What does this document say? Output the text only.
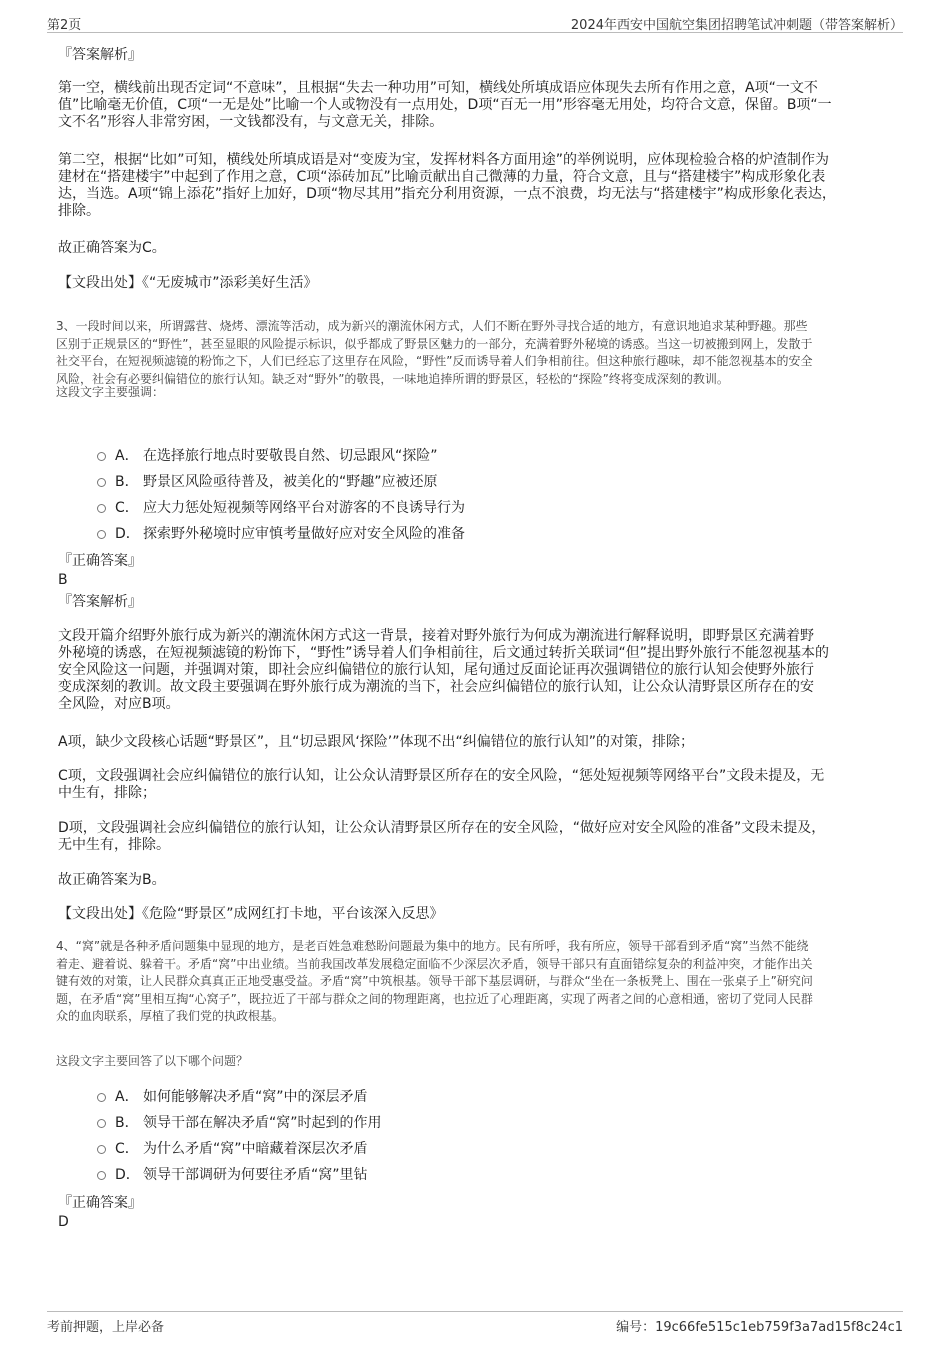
第2页	2024年西安中国航空集团招聘笔试冲刺题（带答案解析）
『答案解析』
第一空，横线前出现否定词“不意味”，且根据“失去一种功用”可知，横线处所填成语应体现失去所有作用之意，A项“一文不
值”比喻毫无价值，C项“一无是处”比喻一个人或物没有一点用处，D项“百无一用”形容毫无用处，均符合文意，保留。B项“一
文不名”形容人非常穷困，一文钱都没有，与文意无关，排除。
第二空，根据“比如”可知，横线处所填成语是对“变废为宝，发挥材料各方面用途”的举例说明，应体现检验合格的炉渣制作为
建材在“搭建楼宇”中起到了作用之意，C项“添砖加瓦”比喻贡献出自己微薄的力量，符合文意，且与“搭建楼宇”构成形象化表
达，当选。A项“锦上添花”指好上加好，D项“物尽其用”指充分利用资源，一点不浪费，均无法与“搭建楼宇”构成形象化表达，
排除。
故正确答案为C。
【文段出处】《“无废城市”添彩美好生活》
3、一段时间以来，所谓露营、烧烤、漂流等活动，成为新兴的潮流休闲方式，人们不断在野外寻找合适的地方，有意识地追求某种野趣。那些
区别于正规景区的“野性”，甚至显眼的风险提示标识，似乎都成了野景区魅力的一部分，充满着野外秘境的诱惑。当这一切被搬到网上，发散于
社交平台，在短视频滤镜的粉饰之下，人们已经忘了这里存在风险，“野性”反而诱导着人们争相前往。但这种旅行趣味，却不能忽视基本的安全
风险，社会有必要纠偏错位的旅行认知。缺乏对“野外”的敬畏，一味地追捧所谓的野景区，轻松的“探险”终将变成深刻的教训。
这段文字主要强调：
A． 在选择旅行地点时要敬畏自然、切忌跟风“探险”
B． 野景区风险亟待普及，被美化的“野趣”应被还原
C． 应大力惩处短视频等网络平台对游客的不良诱导行为
D． 探索野外秘境时应审慎考量做好应对安全风险的准备
『正确答案』
B
『答案解析』
文段开篇介绍野外旅行成为新兴的潮流休闲方式这一背景，接着对野外旅行为何成为潮流进行解释说明，即野景区充满着野
外秘境的诱惑，在短视频滤镜的粉饰下，“野性”诱导着人们争相前往，后文通过转折关联词“但”提出野外旅行不能忽视基本的
安全风险这一问题，并强调对策，即社会应纠偏错位的旅行认知，尾句通过反面论证再次强调错位的旅行认知会使野外旅行
变成深刻的教训。故文段主要强调在野外旅行成为潮流的当下，社会应纠偏错位的旅行认知，让公众认清野景区所存在的安
全风险，对应B项。
A项，缺少文段核心话题“野景区”，且“切忌跟风‘探险’”体现不出“纠偏错位的旅行认知”的对策，排除；
C项，文段强调社会应纠偏错位的旅行认知，让公众认清野景区所存在的安全风险，“惩处短视频等网络平台”文段未提及，无
中生有，排除；
D项，文段强调社会应纠偏错位的旅行认知，让公众认清野景区所存在的安全风险，“做好应对安全风险的准备”文段未提及，
无中生有，排除。
故正确答案为B。
【文段出处】《危险“野景区”成网红打卡地，平台该深入反思》
4、“窝”就是各种矛盾问题集中显现的地方，是老百姓急难愁盼问题最为集中的地方。民有所呼，我有所应，领导干部看到矛盾“窝”当然不能绕
着走、避着说、躲着干。矛盾“窝”中出业绩。当前我国改革发展稳定面临不少深层次矛盾，领导干部只有直面错综复杂的利益冲突，才能作出关
键有效的对策，让人民群众真真正正地受惠受益。矛盾“窝”中筑根基。领导干部下基层调研，与群众“坐在一条板凳上、围在一张桌子上”研究问
题，在矛盾“窝”里相互掏“心窝子”，既拉近了干部与群众之间的物理距离，也拉近了心理距离，实现了两者之间的心意相通，密切了党同人民群
众的血肉联系，厚植了我们党的执政根基。
这段文字主要回答了以下哪个问题？
A． 如何能够解决矛盾“窝”中的深层矛盾
B． 领导干部在解决矛盾“窝”时起到的作用
C． 为什么矛盾“窝”中暗藏着深层次矛盾
D． 领导干部调研为何要往矛盾“窝”里钻
『正确答案』
D
考前押题，上岸必备	编号：19c66fe515c1eb759f3a7ad15f8c24c1
